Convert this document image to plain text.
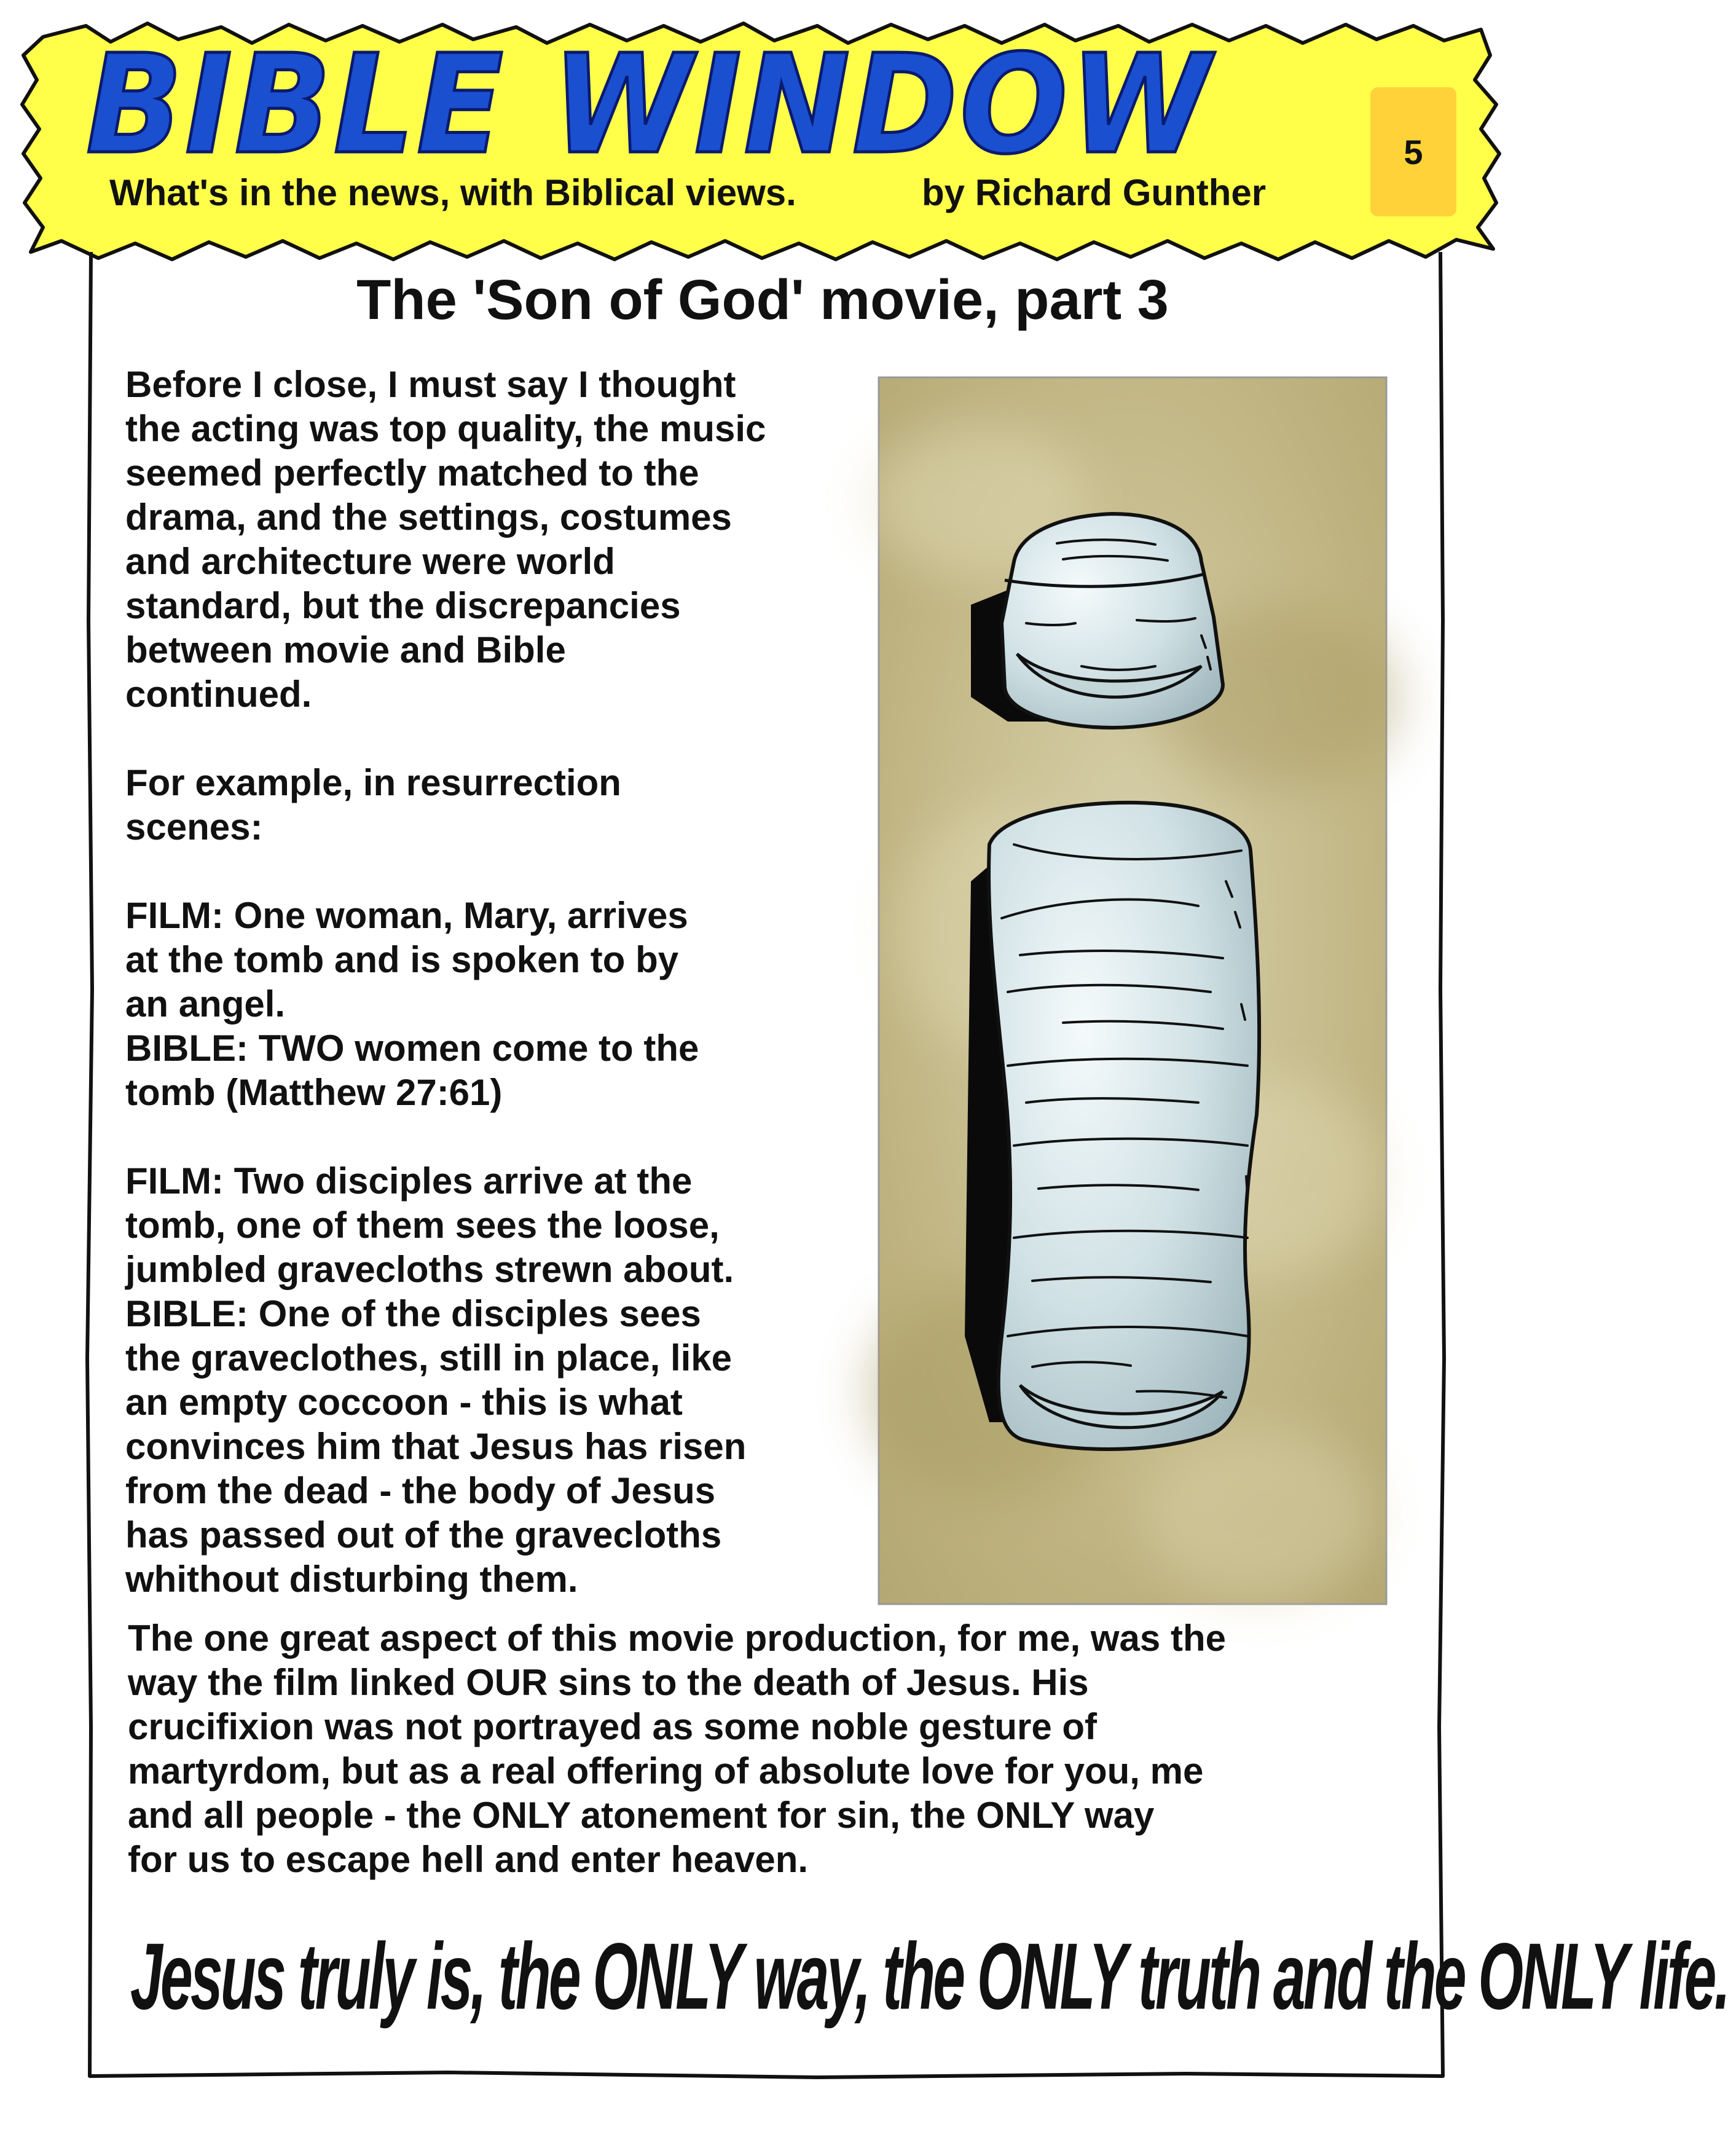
5
BIBLE WINDOW
What's in the news, with Biblical views.	by Richard Gunther
The 'Son of God' movie, part 3

Before I close, I must say I thought
the acting was top quality, the music
seemed perfectly matched to the
drama, and the settings, costumes
and architecture were world
standard, but the discrepancies
between movie and Bible
continued.

For example, in resurrection
scenes:

FILM: One woman, Mary, arrives
at the tomb and is spoken to by
an angel.
BIBLE: TWO women come to the
tomb (Matthew 27:61)

FILM: Two disciples arrive at the
tomb, one of them sees the loose,
jumbled gravecloths strewn about.
BIBLE: One of the disciples sees
the graveclothes, still in place, like
an empty coccoon - this is what
convinces him that Jesus has risen
from the dead - the body of Jesus
has passed out of the gravecloths
whithout disturbing them.

The one great aspect of this movie production, for me, was the
way the film linked OUR sins to the death of Jesus. His
crucifixion was not portrayed as some noble gesture of
martyrdom, but as a real offering of absolute love for you, me
and all people - the ONLY atonement for sin, the ONLY way
for us to escape hell and enter heaven.

Jesus truly is, the ONLY way, the ONLY truth and the ONLY life.
